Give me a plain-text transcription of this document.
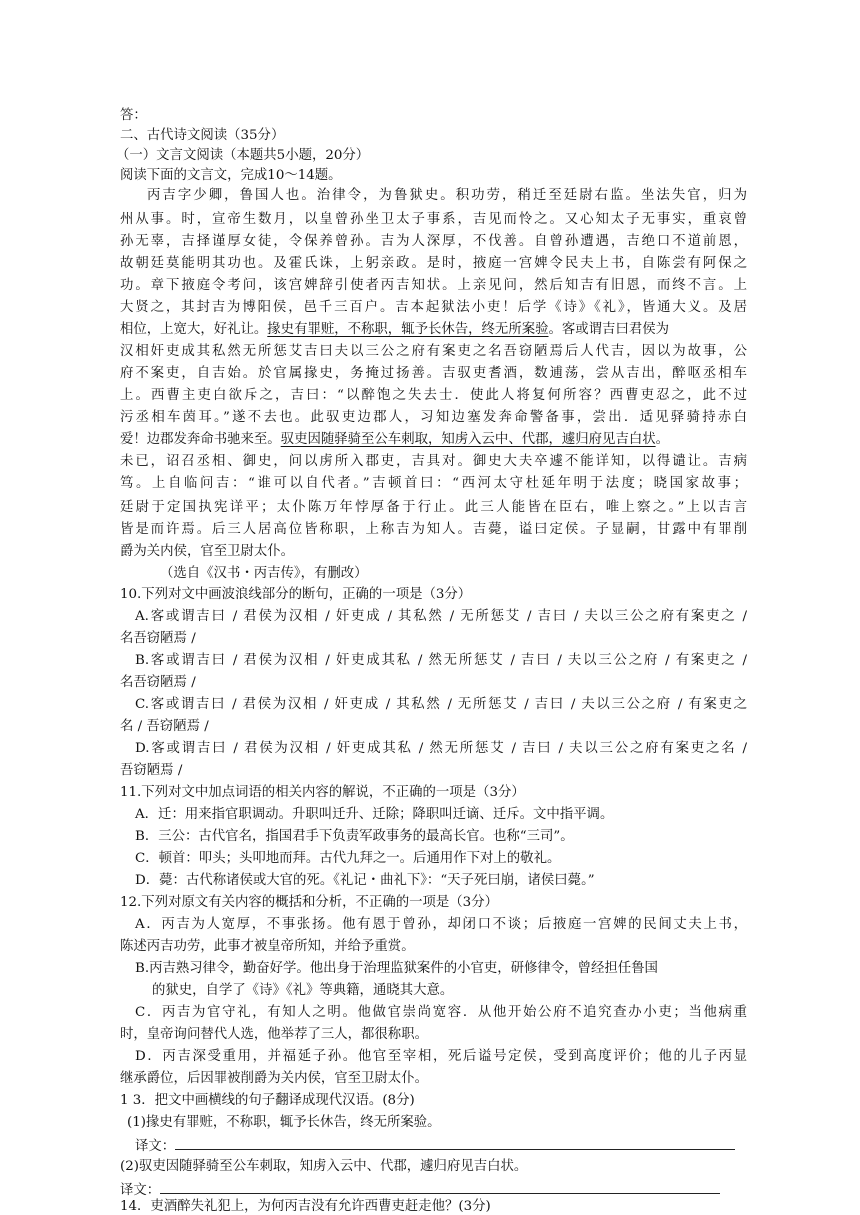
答：
二、古代诗文阅读（35分）
（一）文言文阅读（本题共5小题，20分）
阅读下面的文言文，完成10～14题。
丙吉字少卿，鲁国人也。治律令，为鲁狱史。积功劳，稍迁至廷尉右监。坐法失官，归为
州从事。时，宣帝生数月，以皇曾孙坐卫太子事系，吉见而怜之。又心知太子无事实，重哀曾
孙无辜，吉择谨厚女徒，令保养曾孙。吉为人深厚，不伐善。自曾孙遭遇，吉绝口不道前恩，
故朝廷莫能明其功也。及霍氏诛，上躬亲政。是时，掖庭一宫婢令民夫上书，自陈尝有阿保之
功。章下掖庭令考问，该宫婢辞引使者丙吉知状。上亲见问，然后知吉有旧恩，而终不言。上
大贤之，其封吉为博阳侯，邑千三百户。吉本起狱法小吏！后学《诗》《礼》，皆通大义。及居
相位，上宽大，好礼让。掾史有罪赃，不称职，辄予长休告，终无所案验。客或谓吉曰君侯为
汉相奸吏成其私然无所惩艾吉曰夫以三公之府有案吏之名吾窃陋焉后人代吉，因以为故事，公
府不案吏，自吉始。於官属掾史，务掩过扬善。吉驭吏耆酒，数逋荡，尝从吉出，醉呕丞相车
上。西曹主吏白欲斥之，吉曰：“以醉饱之失去士．使此人将复何所容？西曹吏忍之，此不过
污丞相车茵耳。”遂不去也。此驭吏边郡人，习知边塞发奔命警备事，尝出．适见驿骑持赤白
爱！边郡发奔命书驰来至。驭吏因随驿骑至公车刺取，知虏入云中、代郡，遽归府见吉白状。
未已，诏召丞相、御史，问以虏所入郡吏，吉具对。御史大夫卒遽不能详知，以得谴让。吉病
笃。上自临问吉：“谁可以自代者。”吉顿首曰：“西河太守杜延年明于法度；晓国家故事；
廷尉于定国执宪详平；太仆陈万年悖厚备于行止。此三人能皆在臣右，唯上察之。”上以吉言
皆是而许焉。后三人居高位皆称职，上称吉为知人。吉薨，谥曰定侯。子显嗣，甘露中有罪削
爵为关内侯，官至卫尉太仆。
（选自《汉书・丙吉传》，有删改）
10.下列对文中画波浪线部分的断句，正确的一项是（3分）
A.客或谓吉曰 / 君侯为汉相 / 奸吏成 / 其私然 / 无所惩艾 / 吉曰 / 夫以三公之府有案吏之 /
名吾窃陋焉 /
B.客或谓吉曰 / 君侯为汉相 / 奸吏成其私 / 然无所惩艾 / 吉曰 / 夫以三公之府 / 有案吏之 /
名吾窃陋焉 /
C.客或谓吉曰 / 君侯为汉相 / 奸吏成 / 其私然 / 无所惩艾 / 吉曰 / 夫以三公之府 / 有案吏之
名 / 吾窃陋焉 /
D.客或谓吉曰 / 君侯为汉相 / 奸吏成其私 / 然无所惩艾 / 吉曰 / 夫以三公之府有案吏之名 /
吾窃陋焉 /
11.下列对文中加点词语的相关内容的解说，不正确的一项是（3分）
A．迁：用来指官职调动。升职叫迁升、迁除；降职叫迁谪、迁斥。文中指平调。
B．三公：古代官名，指国君手下负责军政事务的最高长官。也称“三司”。
C．顿首：叩头；头叩地而拜。古代九拜之一。后通用作下对上的敬礼。
D．薨：古代称诸侯或大官的死。《礼记・曲礼下》：“天子死曰崩，诸侯曰薨。”
12.下列对原文有关内容的概括和分析，不正确的一项是（3分）
A．丙吉为人宽厚，不事张扬。他有恩于曾孙，却闭口不谈；后掖庭一宫婢的民间丈夫上书，
陈述丙吉功劳，此事才被皇帝所知，并给予重赏。
B.丙吉熟习律令，勤奋好学。他出身于治理监狱案件的小官吏，研修律令，曾经担任鲁国
的狱史，自学了《诗》《礼》等典籍，通晓其大意。
C．丙吉为官守礼，有知人之明。他做官崇尚宽容．从他开始公府不追究查办小吏；当他病重
时，皇帝询问替代人选，他举荐了三人，都很称职。
D．丙吉深受重用，并福延子孙。他官至宰相，死后谥号定侯，受到高度评价；他的儿子丙显
继承爵位，后因罪被削爵为关内侯，官至卫尉太仆。
1 3．把文中画横线的句子翻译成现代汉语。(8分)
(1)掾史有罪赃，不称职，辄予长休告，终无所案验。
译文：
(2)驭吏因随驿骑至公车刺取，知虏入云中、代郡，遽归府见吉白状。
译文：
14．吏酒醉失礼犯上，为何丙吉没有允许西曹吏赶走他？(3分)
